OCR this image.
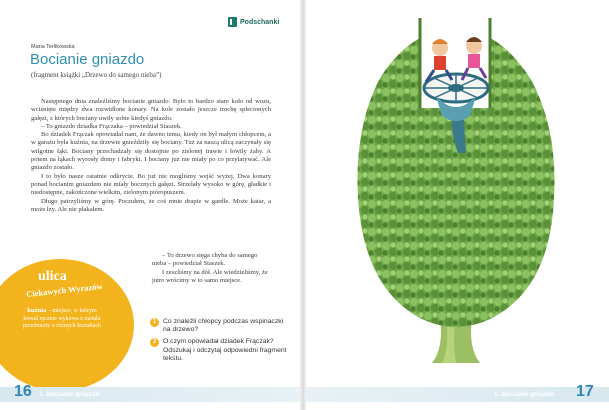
Podschanki
Maria Terlikowska
Bocianie gniazdo
(fragment książki „Drzewo do samego nieba”)

Następnego dnia znaleźliśmy bocianie gniazdo. Było to bardzo stare koło od wozu, wciśnięte między dwa rozwidlone konary. Na kole zostało jeszcze trochę splecionych gałęzi, z których bociany uwiły sobie kiedyś gniazdo.

– To gniazdo dziadka Frączaka – powiedział Staszek.

Bo dziadek Frączak opowiadał nam, że dawno temu, kiedy on był małym chłopcem, a w garażu była kuźnia, na drzewie gnieździły się bociany. Tuż za naszą ulicą zaczynały się wilgotne łąki. Bociany przechadzały się dostojnie po zielonej trawie i łowiły żaby. A potem na łąkach wyrosły domy i fabryki. I bociany już nie miały po co przylatywać. Ale gniazdo zostało.

I to było nasze ostatnie odkrycie. Bo już nie mogliśmy wejść wyżej. Dwa konary ponad bocianim gniazdem nie miały bocznych gałęzi. Strzelały wysoko w górę, gładkie i niedostępne, zakończone wielkim, zielonym pióropuszem.

Długo patrzyliśmy w górę. Poczułem, że coś mnie drapie w gardle. Może katar, a może łzy. Ale nie płakałem.

– To drzewo sięga chyba do samego nieba – powiedział Staszek.

I zeszliśmy na dół. Ale wiedzieliśmy, że jutro wrócimy w to samo miejsce.

ulica
Ciekawych Wyrazów
kuźnia – miejsce, w którym kowal ręcznie wykowa z metalu przedmioty o różnych kształtach
1	Co znaleźli chłopcy podczas wspinaczki na drzewo?
2	O czym opowiadał dziadek Frączak? Odszukaj i odczytaj odpowiedni fragment tekstu.
16 1. Bocianie gniazdo	1. Bocianie gniazdo 17
